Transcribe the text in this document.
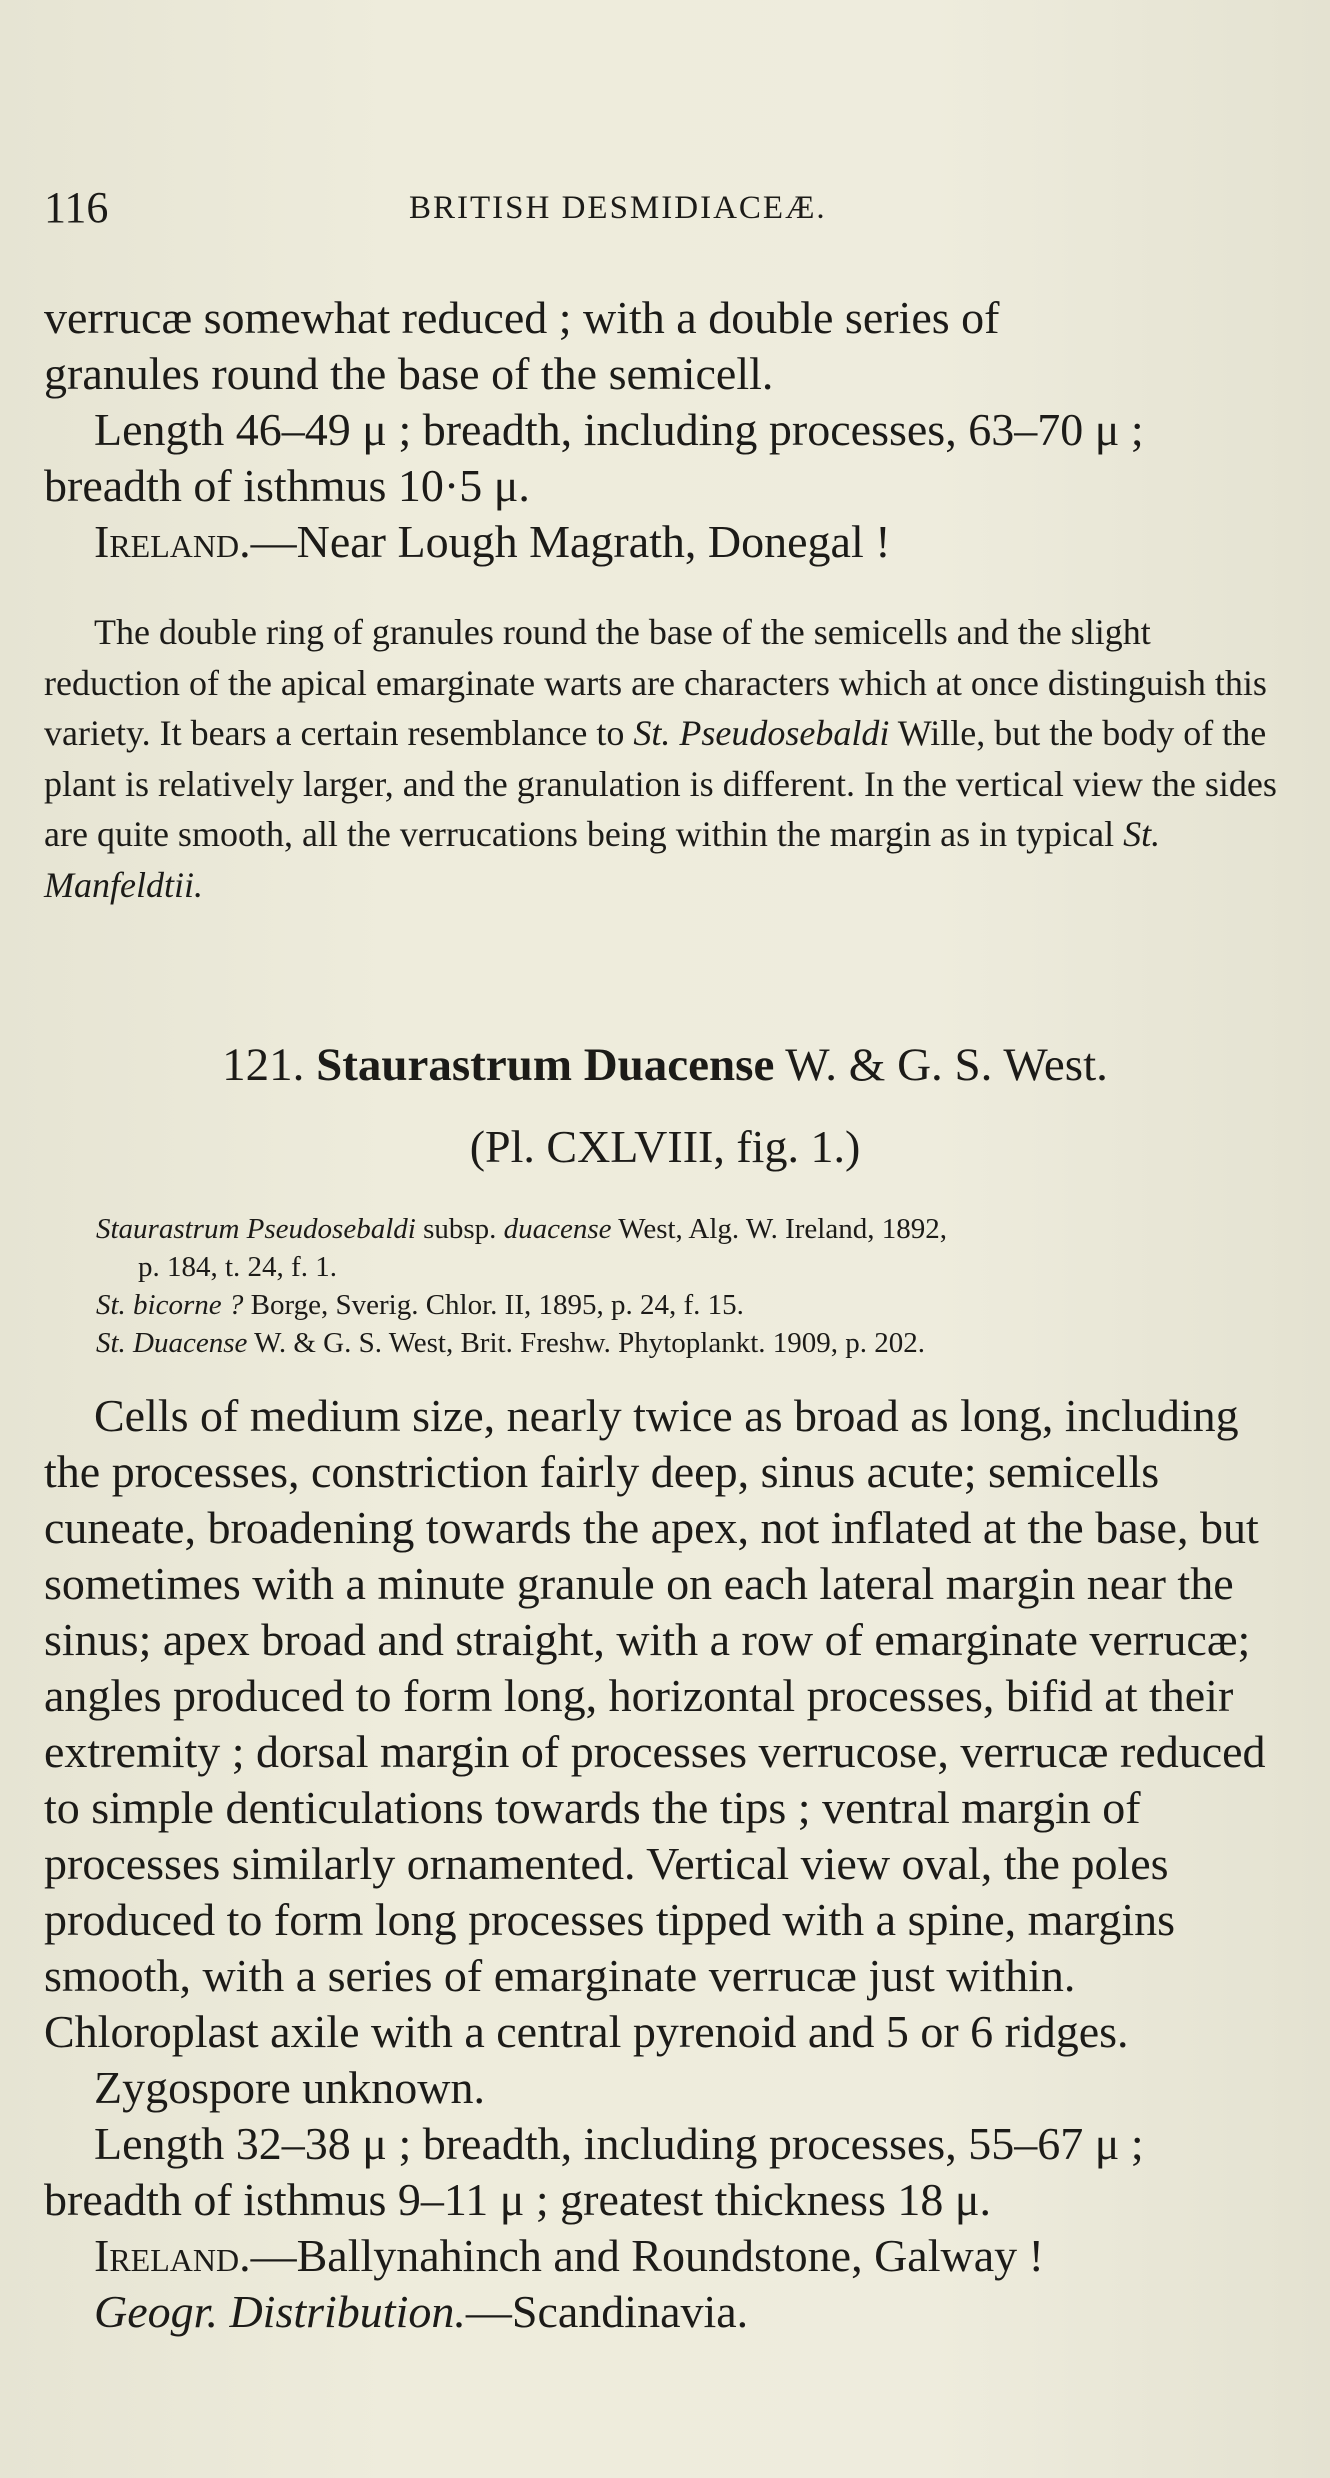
116	BRITISH DESMIDIACEÆ.

verrucæ somewhat reduced ; with a double series of

granules round the base of the semicell.

Length 46–49 μ ; breadth, including processes, 63–70 μ ;

breadth of isthmus 10·5 μ.

Ireland.—Near Lough Magrath, Donegal !

The double ring of granules round the base of the semicells and the slight reduction of the apical emarginate warts are characters which at once distinguish this variety. It bears a certain resemblance to St. Pseudosebaldi Wille, but the body of the plant is relatively larger, and the granulation is different. In the vertical view the sides are quite smooth, all the verrucations being within the margin as in typical St. Manfeldtii.

121. Staurastrum Duacense W. & G. S. West.
(Pl. CXLVIII, fig. 1.)

Staurastrum Pseudosebaldi subsp. duacense West, Alg. W. Ireland, 1892,

p. 184, t. 24, f. 1.

St. bicorne ? Borge, Sverig. Chlor. II, 1895, p. 24, f. 15.

St. Duacense W. & G. S. West, Brit. Freshw. Phytoplankt. 1909, p. 202.

Cells of medium size, nearly twice as broad as long, including the processes, constriction fairly deep, sinus acute; semicells cuneate, broadening towards the apex, not inflated at the base, but sometimes with a minute granule on each lateral margin near the sinus; apex broad and straight, with a row of emarginate verrucæ; angles produced to form long, horizontal processes, bifid at their extremity ; dorsal margin of processes verrucose, verrucæ reduced to simple denticulations towards the tips ; ventral margin of processes similarly ornamented. Vertical view oval, the poles produced to form long processes tipped with a spine, margins smooth, with a series of emarginate verrucæ just within. Chloroplast axile with a central pyrenoid and 5 or 6 ridges.

Zygospore unknown.

Length 32–38 μ ; breadth, including processes, 55–67 μ ;

breadth of isthmus 9–11 μ ; greatest thickness 18 μ.

Ireland.—Ballynahinch and Roundstone, Galway !

Geogr. Distribution.—Scandinavia.
